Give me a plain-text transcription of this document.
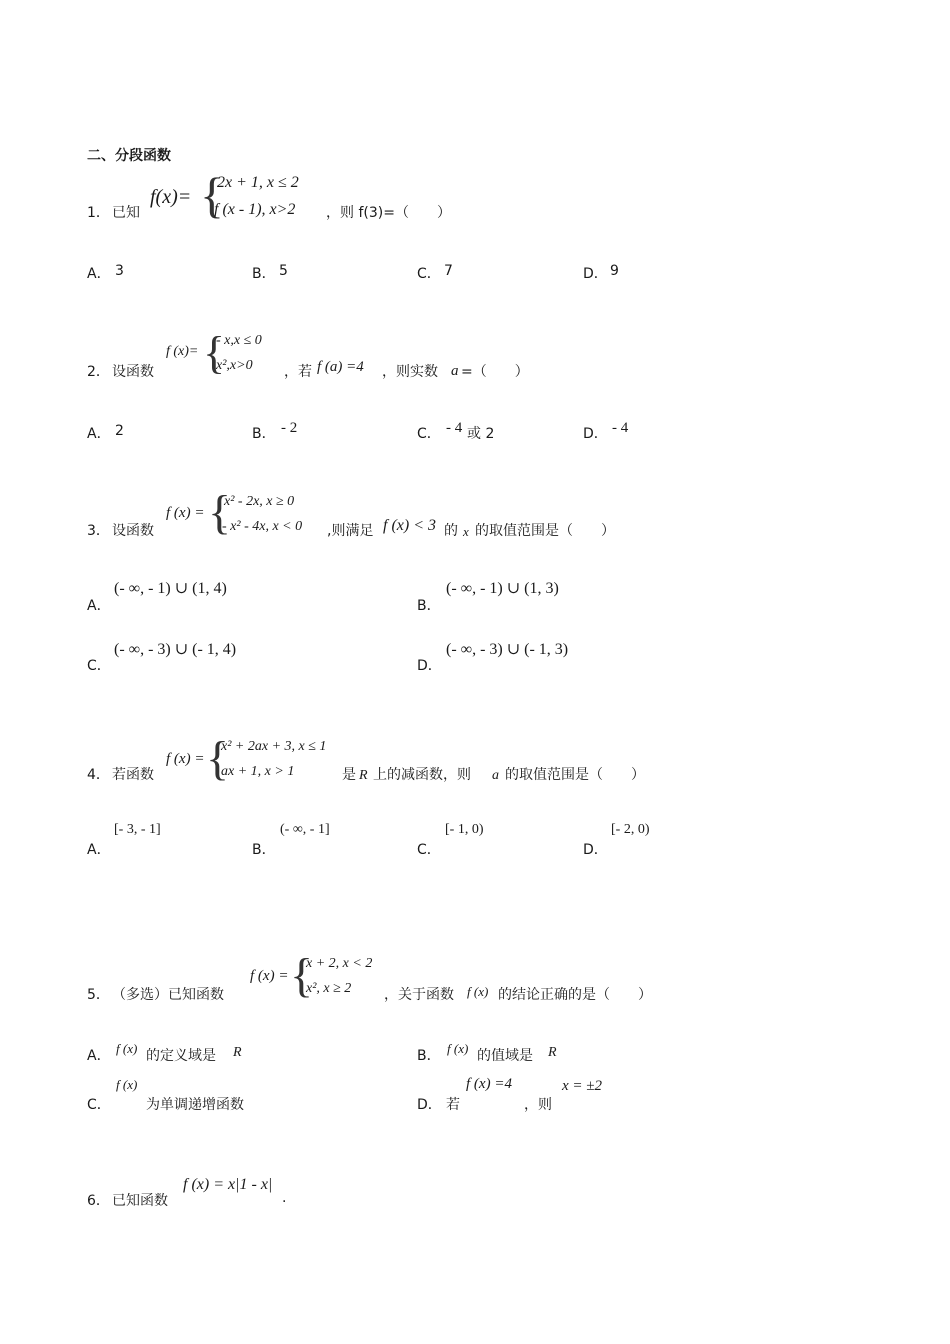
二、分段函数
1． 已知
f(x)= {
2x + 1, x ≤ 2
f (x - 1), x>2 ，则 f(3)=（　　）
A． 3	B． 5	C． 7	D． 9
2． 设函数
f (x)= {
- x,x ≤ 0
x²,x>0 ，若 f (a) =4 ，则实数 a =（　　）
A． 2	B． - 2	C． - 4 或 2	D． - 4
3． 设函数
f (x) = {
x² - 2x, x ≥ 0
- x² - 4x, x < 0 ,则满足 f (x) < 3 的 x 的取值范围是（　　）
A．
(- ∞, - 1) ∪ (1, 4)
B．
(- ∞, - 1) ∪ (1, 3)
C．
(- ∞, - 3) ∪ (- 1, 4)
D．
(- ∞, - 3) ∪ (- 1, 3)
4． 若函数
f (x) = {
x² + 2ax + 3, x ≤ 1
ax + 1, x > 1	是 R 上的减函数，则 a 的取值范围是（　　）
A．
[- 3, - 1]
B．
(- ∞, - 1]
C．
[- 1, 0)
D．
[- 2, 0)
5． （多选）已知函数
f (x) = {
x + 2, x < 2
x², x ≥ 2 ，关于函数 f (x) 的结论正确的是（　　）
A． f (x) 的定义域是 R	B． f (x) 的值域是 R
C．
f (x)
为单调递增函数	D． 若
f (x) =4
，则
x = ±2
6． 已知函数
f (x) = x|1 - x|
.
